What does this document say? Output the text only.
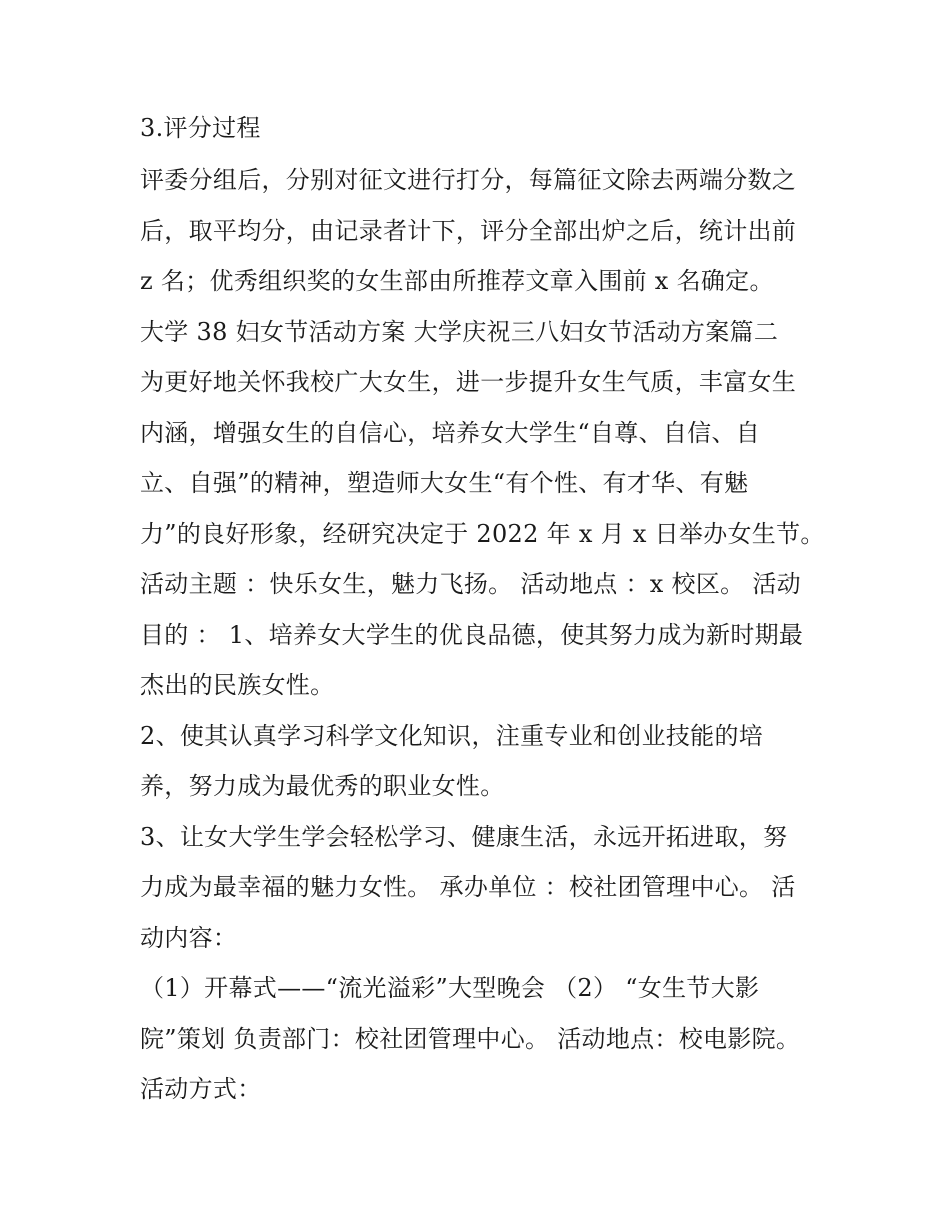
3.评分过程
评委分组后，分别对征文进行打分，每篇征文除去两端分数之
后，取平均分，由记录者计下，评分全部出炉之后，统计出前
z 名；优秀组织奖的女生部由所推荐文章入围前 x 名确定。
大学 38 妇女节活动方案 大学庆祝三八妇女节活动方案篇二
为更好地关怀我校广大女生，进一步提升女生气质，丰富女生
内涵，增强女生的自信心，培养女大学生“自尊、自信、自
立、自强”的精神，塑造师大女生“有个性、有才华、有魅
力”的良好形象，经研究决定于 2022 年 x 月 x 日举办女生节。
活动主题 ：快乐女生，魅力飞扬。 活动地点 ：x 校区。 活动
目的 ： 1、培养女大学生的优良品德，使其努力成为新时期最
杰出的民族女性。
2、使其认真学习科学文化知识，注重专业和创业技能的培
养，努力成为最优秀的职业女性。
3、让女大学生学会轻松学习、健康生活，永远开拓进取，努
力成为最幸福的魅力女性。 承办单位 ：校社团管理中心。 活
动内容：
（1）开幕式——“流光溢彩”大型晚会 （2） “女生节大影
院”策划 负责部门：校社团管理中心。 活动地点：校电影院。
活动方式：
